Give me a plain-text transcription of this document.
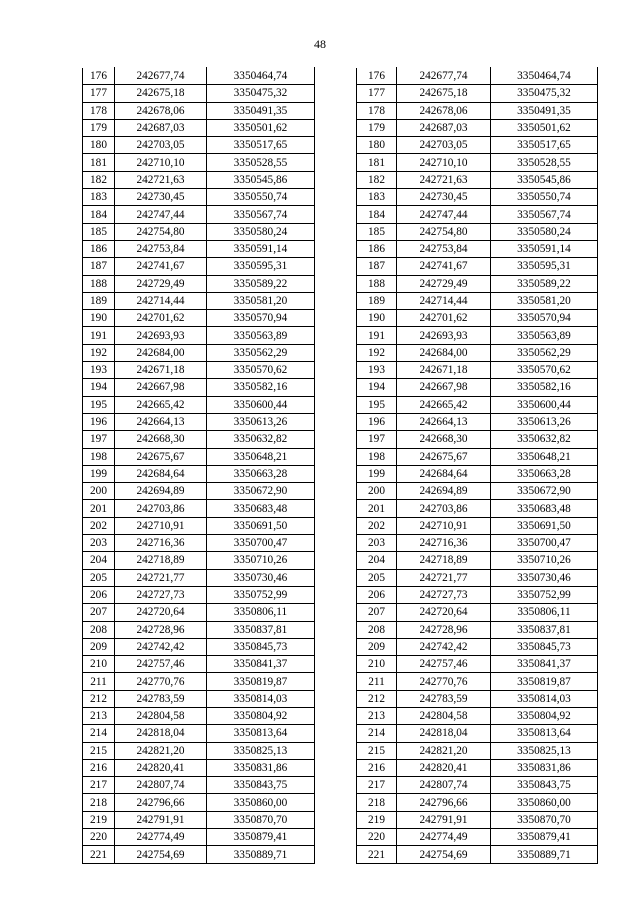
48
176	242677,74	3350464,74
177	242675,18	3350475,32
178	242678,06	3350491,35
179	242687,03	3350501,62
180	242703,05	3350517,65
181	242710,10	3350528,55
182	242721,63	3350545,86
183	242730,45	3350550,74
184	242747,44	3350567,74
185	242754,80	3350580,24
186	242753,84	3350591,14
187	242741,67	3350595,31
188	242729,49	3350589,22
189	242714,44	3350581,20
190	242701,62	3350570,94
191	242693,93	3350563,89
192	242684,00	3350562,29
193	242671,18	3350570,62
194	242667,98	3350582,16
195	242665,42	3350600,44
196	242664,13	3350613,26
197	242668,30	3350632,82
198	242675,67	3350648,21
199	242684,64	3350663,28
200	242694,89	3350672,90
201	242703,86	3350683,48
202	242710,91	3350691,50
203	242716,36	3350700,47
204	242718,89	3350710,26
205	242721,77	3350730,46
206	242727,73	3350752,99
207	242720,64	3350806,11
208	242728,96	3350837,81
209	242742,42	3350845,73
210	242757,46	3350841,37
211	242770,76	3350819,87
212	242783,59	3350814,03
213	242804,58	3350804,92
214	242818,04	3350813,64
215	242821,20	3350825,13
216	242820,41	3350831,86
217	242807,74	3350843,75
218	242796,66	3350860,00
219	242791,91	3350870,70
220	242774,49	3350879,41
221	242754,69	3350889,71
176	242677,74	3350464,74
177	242675,18	3350475,32
178	242678,06	3350491,35
179	242687,03	3350501,62
180	242703,05	3350517,65
181	242710,10	3350528,55
182	242721,63	3350545,86
183	242730,45	3350550,74
184	242747,44	3350567,74
185	242754,80	3350580,24
186	242753,84	3350591,14
187	242741,67	3350595,31
188	242729,49	3350589,22
189	242714,44	3350581,20
190	242701,62	3350570,94
191	242693,93	3350563,89
192	242684,00	3350562,29
193	242671,18	3350570,62
194	242667,98	3350582,16
195	242665,42	3350600,44
196	242664,13	3350613,26
197	242668,30	3350632,82
198	242675,67	3350648,21
199	242684,64	3350663,28
200	242694,89	3350672,90
201	242703,86	3350683,48
202	242710,91	3350691,50
203	242716,36	3350700,47
204	242718,89	3350710,26
205	242721,77	3350730,46
206	242727,73	3350752,99
207	242720,64	3350806,11
208	242728,96	3350837,81
209	242742,42	3350845,73
210	242757,46	3350841,37
211	242770,76	3350819,87
212	242783,59	3350814,03
213	242804,58	3350804,92
214	242818,04	3350813,64
215	242821,20	3350825,13
216	242820,41	3350831,86
217	242807,74	3350843,75
218	242796,66	3350860,00
219	242791,91	3350870,70
220	242774,49	3350879,41
221	242754,69	3350889,71
